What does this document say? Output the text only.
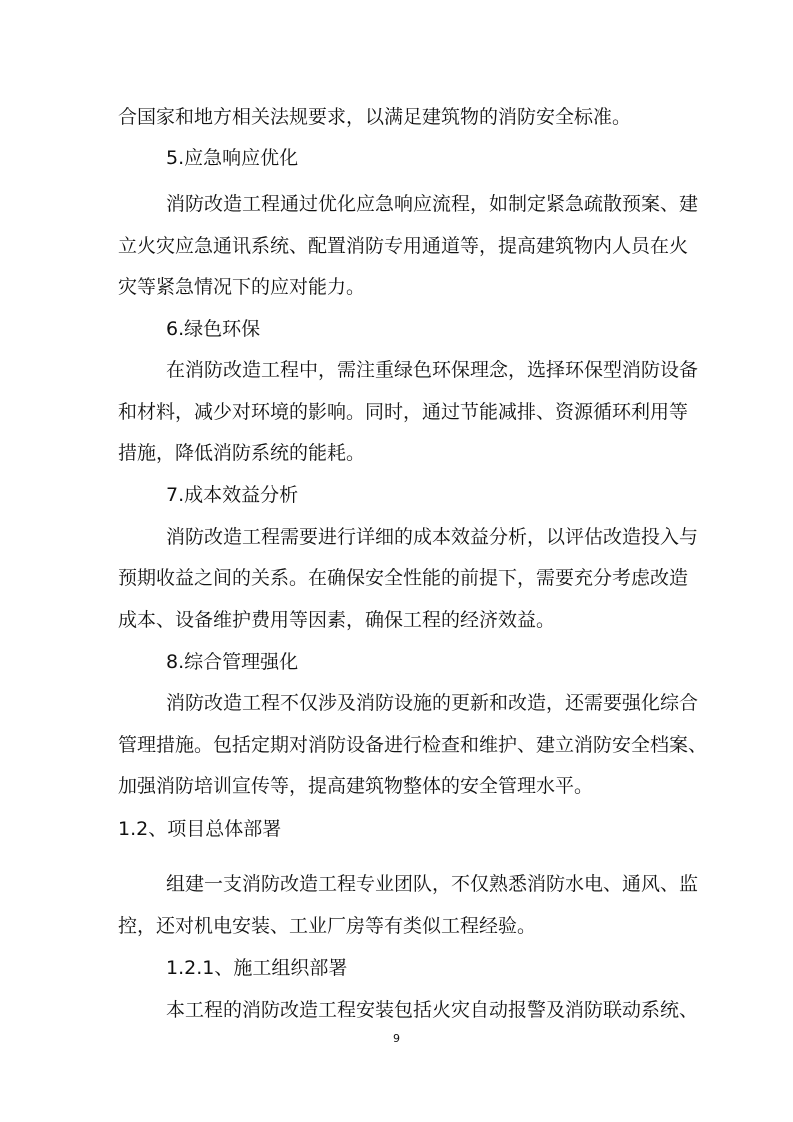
合国家和地方相关法规要求，以满足建筑物的消防安全标准。
5.应急响应优化
消防改造工程通过优化应急响应流程，如制定紧急疏散预案、建
立火灾应急通讯系统、配置消防专用通道等，提高建筑物内人员在火
灾等紧急情况下的应对能力。
6.绿色环保
在消防改造工程中，需注重绿色环保理念，选择环保型消防设备
和材料，减少对环境的影响。同时，通过节能减排、资源循环利用等
措施，降低消防系统的能耗。
7.成本效益分析
消防改造工程需要进行详细的成本效益分析，以评估改造投入与
预期收益之间的关系。在确保安全性能的前提下，需要充分考虑改造
成本、设备维护费用等因素，确保工程的经济效益。
8.综合管理强化
消防改造工程不仅涉及消防设施的更新和改造，还需要强化综合
管理措施。包括定期对消防设备进行检查和维护、建立消防安全档案、
加强消防培训宣传等，提高建筑物整体的安全管理水平。
1.2、项目总体部署
组建一支消防改造工程专业团队，不仅熟悉消防水电、通风、监
控，还对机电安装、工业厂房等有类似工程经验。
1.2.1、施工组织部署
本工程的消防改造工程安装包括火灾自动报警及消防联动系统、
9
